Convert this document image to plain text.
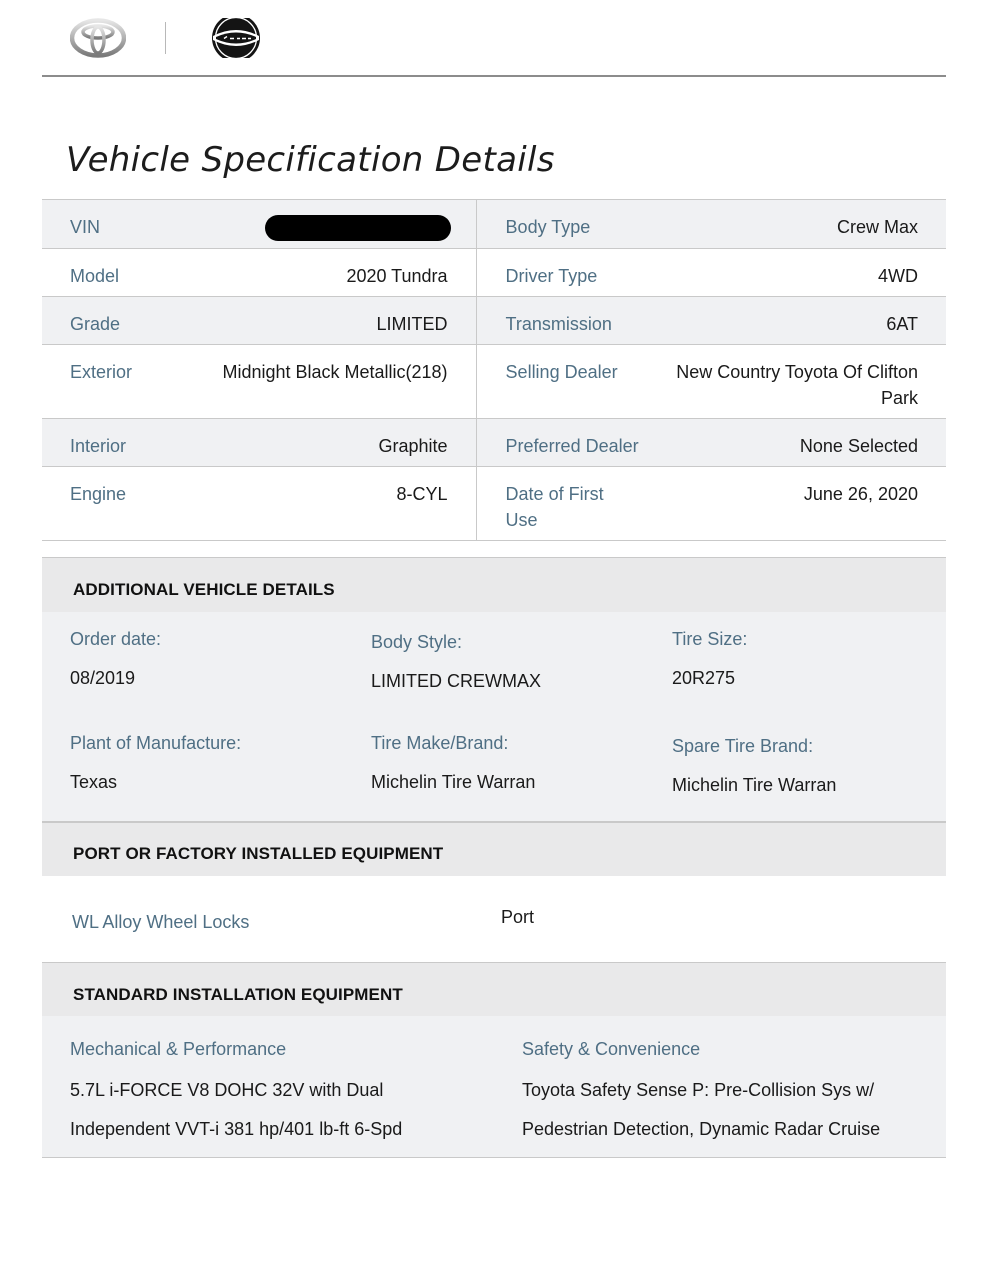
Vehicle Specification Details
VIN		Body Type	Crew Max
Model	2020 Tundra	Driver Type	4WD
Grade	LIMITED	Transmission	6AT
Exterior	Midnight Black Metallic(218)	Selling Dealer	New Country Toyota Of Clifton Park
Interior	Graphite	Preferred Dealer	None Selected
Engine	8-CYL	Date of First Use	June 26, 2020
ADDITIONAL VEHICLE DETAILS
Order date:
08/2019
Body Style:
LIMITED CREWMAX
Tire Size:
20R275
Plant of Manufacture:
Texas
Tire Make/Brand:
Michelin Tire Warran
Spare Tire Brand:
Michelin Tire Warran
PORT OR FACTORY INSTALLED EQUIPMENT
WL Alloy Wheel Locks	Port
STANDARD INSTALLATION EQUIPMENT
Mechanical & Performance
5.7L i-FORCE V8 DOHC 32V with Dual
Independent VVT-i 381 hp/401 lb-ft 6-Spd
Safety & Convenience
Toyota Safety Sense P: Pre-Collision Sys w/
Pedestrian Detection, Dynamic Radar Cruise
